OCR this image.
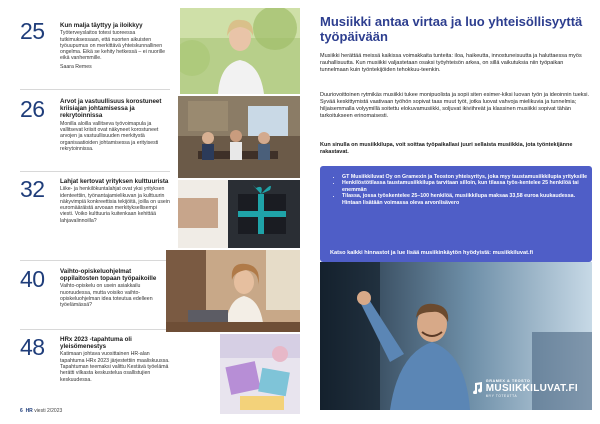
25 Kun malja täyttyy ja iloikkyy
Työterveyslaitos totesi tuoreessa tutkimuksessaan, että nuorten aikuisten työuupumus on merkittävä yhteiskunnallinen ongelma. Eikä se kehity hetkessä – ei nuorille eikä vanhemmille.
Saara Remes
26 Arvot ja vastuullisuus korostuneet kriisiajan johtamisessa ja rekrytoinnissa
Monilla aloilla vallitseva työvoimapula ja vallitsevat kriisit ovat näkyneet korostuneet arvojen ja vastuullisuuden merkitystä organisaatioiden johtamisessa ja erityisesti rekrytoinnissa.
32 Lahjat kertovat yrityksen kulttuurista
Liike- ja henkilökuntalahjat ovat yksi yrityksen identeettiin, työnantajamielikuvan ja kulttuurin näkyvimpiä konkreettisia tekijöitä, joilla on usein euromääräistä arvoaan merkityksellisempi viesti. Voiko kulttuuria kuitenkaan kehittää lahjavalinnoilla?
40 Vaihto-opiskeluohjelmat oppilaitosten topaan työpaikoille
Vaihto-opiskelu on usein asiakkailu nuoruudessa, mutta voisiko vaihto-opiskeluohjelman idea toteutua edelleen työelämässä?
48 HRx 2023 -tapahtuma oli yleisömenestys
Katimaan johtava vuosittainen HR-alan tapahtuma HRx 2023 järjestettiin maaliskuussa. Tapahtuman teemaksi valittu Kestävä työelämä herätti vilkasta keskustelua osallistujien keskuudessa.
6 HR viesti 2/2023
Musiikki antaa virtaa ja luo yhteisöllisyyttä työpäivään
Musiikki herättää meissä kaikissa voimakkaita tunteita: iloa, haikeutta, innostuneisuutta ja haluttaessa myös rauhallisuutta. Kun musiikki valjastetaan osaksi työyhteisön arkea, on sillä vaikutuksia niin työpaikan tunnelmaan kuin työntekijöiden tehokkuu-teenkin.
Duuriovoittoinen rytmikäs musiikki tukee monipuolista ja sopii siten esimer-kiksi luovan työn ja ideoinnin tueksi. Syvää keskittymistä vaativaan työhön sopivat taas muut työt, jotka luovat vahvoja mielikuvia ja tunnelmia; hiljaisemmalla volyymillä soitettu elokuvamusiikki, soljuvat ikiviihreät ja klassinen musiikki sopivat tähän tarkoitukseen erinomaisesti.
Kun sinulla on musiikkilupa, voit soittaa työpaikallasi juuri sellaista musiikkia, jota työntekijänne rakastavat.
• GT Musiikkiluvat Oy on Gramexin ja Teoston yhteisyritys, joka myy taustamusiikkilupia yrityksille
• Henkilöstötilassa taustamusiikkilupa tarvitaan silloin, kun tilassa työs-kentelee 25 henkilöä tai enemmän
• Tilassa, jossa työskentelee 25–100 henkilöä, musiikkilupa maksaa 33,58 euroa kuukaudessa. Hintaan lisätään voimassa oleva arvonlisävero
Katso kaikki hinnastot ja lue lisää musiikinkäytön hyödyistä: musiikkiluvat.fi
GRAMEX & TEOSTO
MUSIIKKILUVAT.FI
MYY TOTEUTTA
